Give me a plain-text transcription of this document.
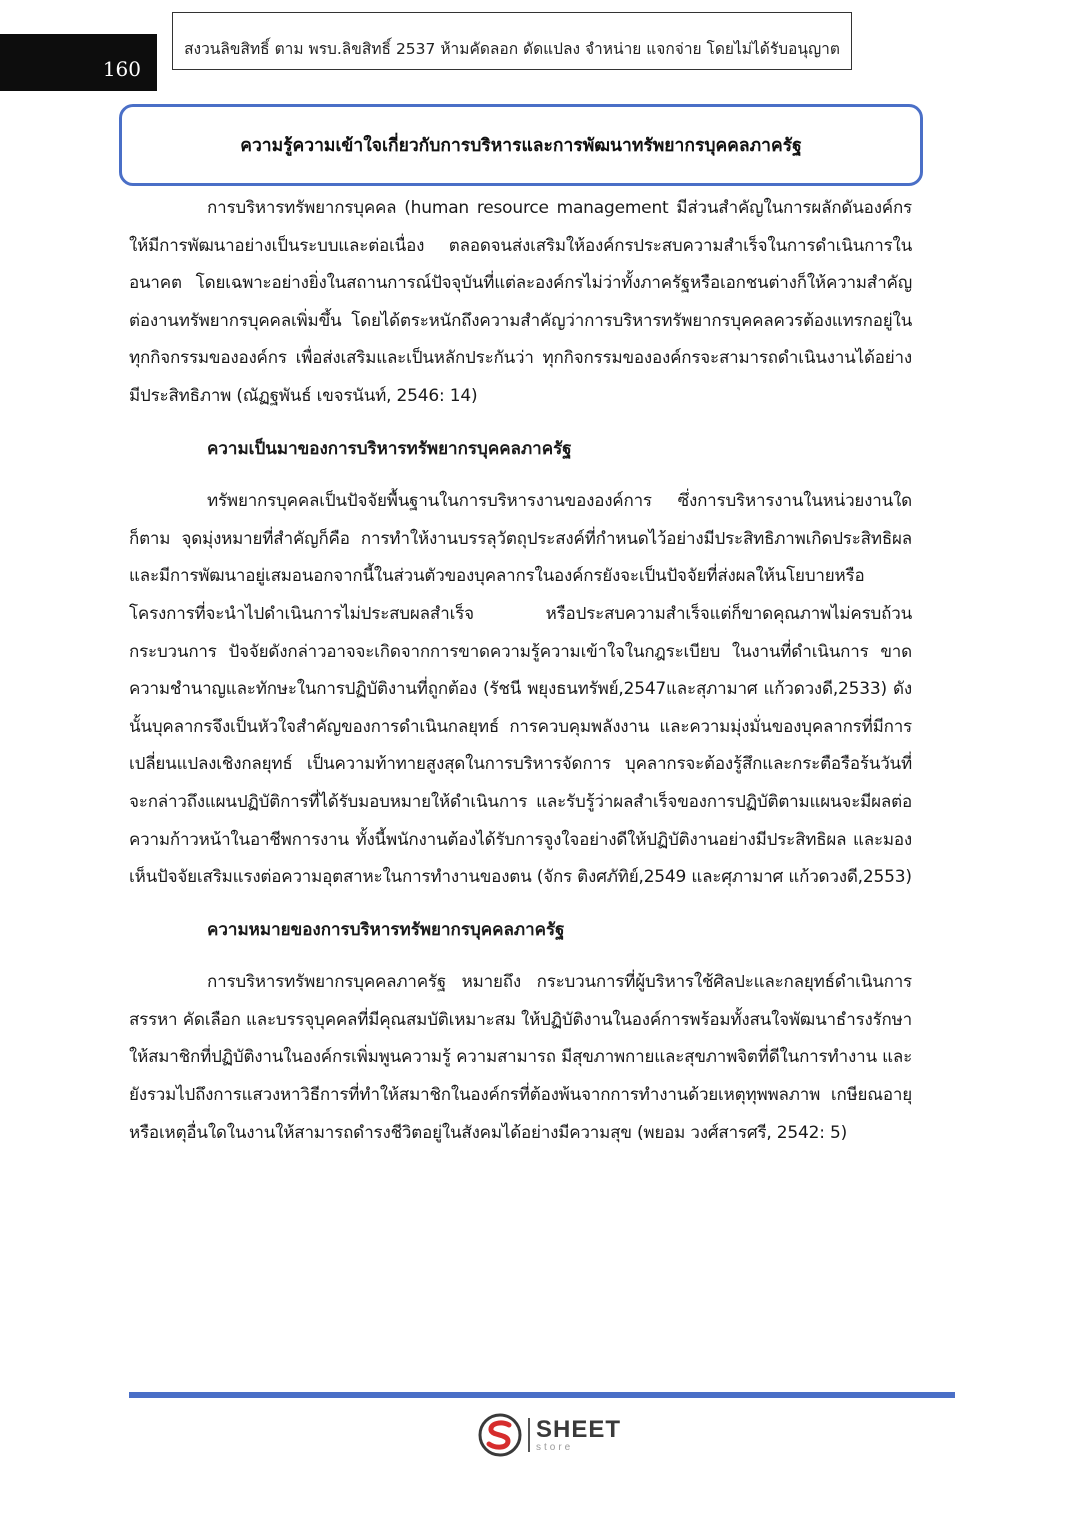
160
สงวนลิขสิทธิ์ ตาม พรบ.ลิขสิทธิ์ 2537 ห้ามคัดลอก ดัดแปลง จำหน่าย แจกจ่าย โดยไม่ได้รับอนุญาต
ความรู้ความเข้าใจเกี่ยวกับการบริหารและการพัฒนาทรัพยากรบุคคลภาครัฐ

การบริหารทรัพยากรบุคคล (human resource management มีส่วนสำคัญในการผลักดันองค์กรให้มีการพัฒนาอย่างเป็นระบบและต่อเนื่อง ตลอดจนส่งเสริมให้องค์กรประสบความสำเร็จในการดำเนินการในอนาคต โดยเฉพาะอย่างยิ่งในสถานการณ์ปัจจุบันที่แต่ละองค์กรไม่ว่าทั้งภาครัฐหรือเอกชนต่างก็ให้ความสำคัญต่องานทรัพยากรบุคคลเพิ่มขึ้น โดยได้ตระหนักถึงความสำคัญว่าการบริหารทรัพยากรบุคคลควรต้องแทรกอยู่ในทุกกิจกรรมขององค์กร เพื่อส่งเสริมและเป็นหลักประกันว่า ทุกกิจกรรมขององค์กรจะสามารถดำเนินงานได้อย่างมีประสิทธิภาพ (ณัฏฐพันธ์ เขจรนันท์, 2546: 14)

ความเป็นมาของการบริหารทรัพยากรบุคคลภาครัฐ

ทรัพยากรบุคคลเป็นปัจจัยพื้นฐานในการบริหารงานขององค์การ ซึ่งการบริหารงานในหน่วยงานใดก็ตาม จุดมุ่งหมายที่สำคัญก็คือ การทำให้งานบรรลุวัตถุประสงค์ที่กำหนดไว้อย่างมีประสิทธิภาพเกิดประสิทธิผล และมีการพัฒนาอยู่เสมอนอกจากนี้ในส่วนตัวของบุคลากรในองค์กรยังจะเป็นปัจจัยที่ส่งผลให้นโยบายหรือโครงการที่จะนำไปดำเนินการไม่ประสบผลสำเร็จ หรือประสบความสำเร็จแต่ก็ขาดคุณภาพไม่ครบถ้วนกระบวนการ ปัจจัยดังกล่าวอาจจะเกิดจากการขาดความรู้ความเข้าใจในกฎระเบียบ ในงานที่ดำเนินการ ขาดความชำนาญและทักษะในการปฏิบัติงานที่ถูกต้อง (รัชนี พยุงธนทรัพย์,2547และสุภามาศ แก้วดวงดี,2533) ดังนั้นบุคลากรจึงเป็นหัวใจสำคัญของการดำเนินกลยุทธ์ การควบคุมพลังงาน และความมุ่งมั่นของบุคลากรที่มีการเปลี่ยนแปลงเชิงกลยุทธ์ เป็นความท้าทายสูงสุดในการบริหารจัดการ บุคลากรจะต้องรู้สึกและกระตือรือร้นวันที่จะกล่าวถึงแผนปฏิบัติการที่ได้รับมอบหมายให้ดำเนินการ และรับรู้ว่าผลสำเร็จของการปฏิบัติตามแผนจะมีผลต่อความก้าวหน้าในอาชีพการงาน ทั้งนี้พนักงานต้องได้รับการจูงใจอย่างดีให้ปฏิบัติงานอย่างมีประสิทธิผล และมองเห็นปัจจัยเสริมแรงต่อความอุตสาหะในการทำงานของตน (จักร ติงศภัทิย์,2549 และศุภามาศ แก้วดวงดี,2553)

ความหมายของการบริหารทรัพยากรบุคคลภาครัฐ

การบริหารทรัพยากรบุคคลภาครัฐ หมายถึง กระบวนการที่ผู้บริหารใช้ศิลปะและกลยุทธ์ดำเนินการสรรหา คัดเลือก และบรรจุบุคคลที่มีคุณสมบัติเหมาะสม ให้ปฏิบัติงานในองค์การพร้อมทั้งสนใจพัฒนาธำรงรักษาให้สมาชิกที่ปฏิบัติงานในองค์กรเพิ่มพูนความรู้ ความสามารถ มีสุขภาพกายและสุขภาพจิตที่ดีในการทำงาน และยังรวมไปถึงการแสวงหาวิธีการที่ทำให้สมาชิกในองค์กรที่ต้องพ้นจากการทำงานด้วยเหตุทุพพลภาพ เกษียณอายุ หรือเหตุอื่นใดในงานให้สามารถดำรงชีวิตอยู่ในสังคมได้อย่างมีความสุข (พยอม วงศ์สารศรี, 2542: 5)

SHEET
store
